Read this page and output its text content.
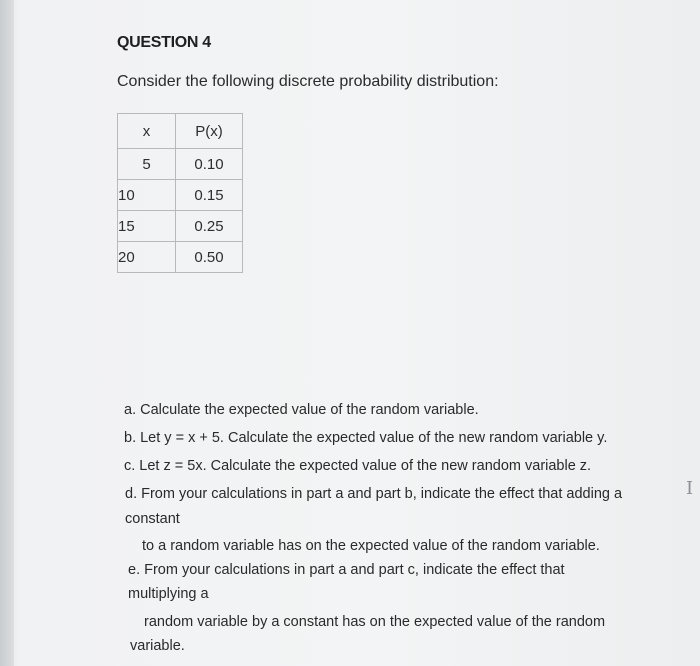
QUESTION 4
Consider the following discrete probability distribution:
x	P(x)
5	0.10
10	0.15
15	0.25
20	0.50
a. Calculate the expected value of the random variable.
b. Let y = x + 5. Calculate the expected value of the new random variable y.
c. Let z = 5x. Calculate the expected value of the new random variable z.
d. From your calculations in part a and part b, indicate the effect that adding a
constant
to a random variable has on the expected value of the random variable.
e. From your calculations in part a and part c, indicate the effect that
multiplying a
random variable by a constant has on the expected value of the random
variable.
I
